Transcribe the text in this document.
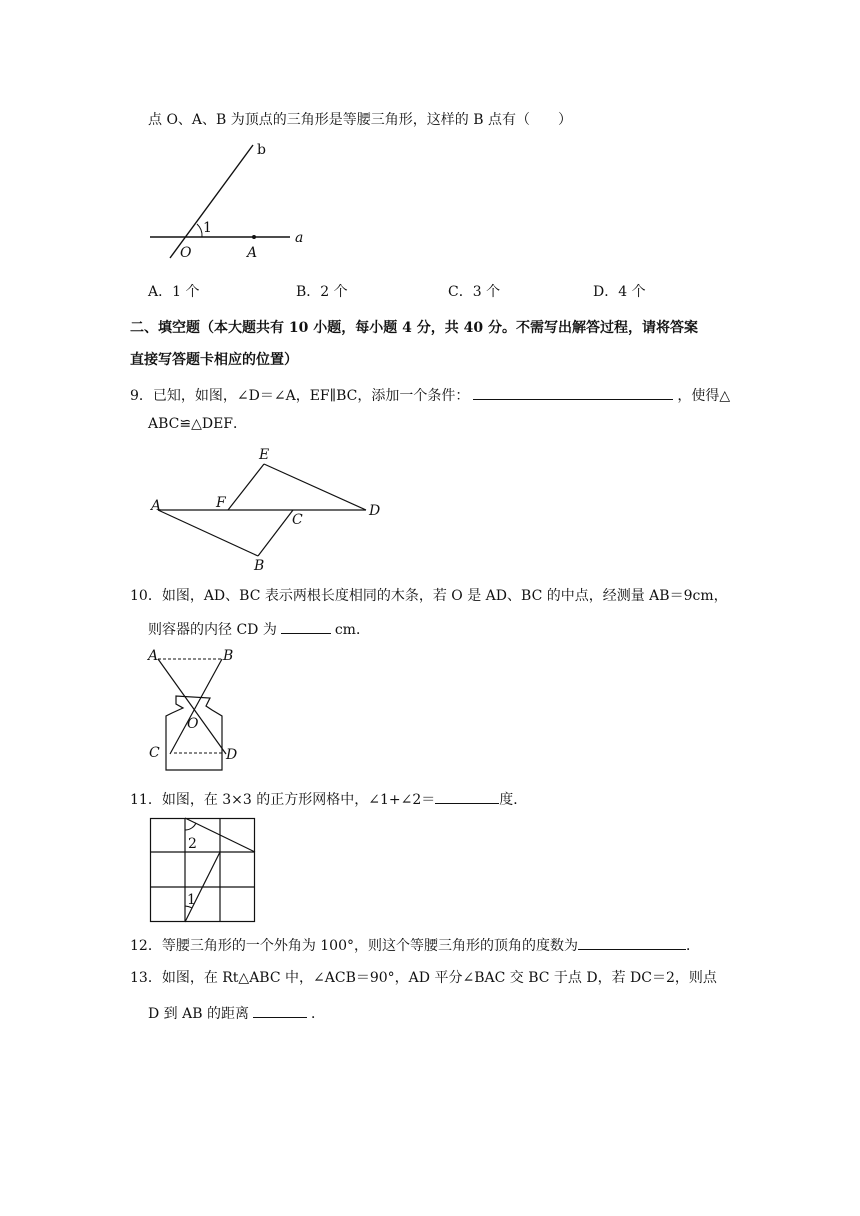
点 O、A、B 为顶点的三角形是等腰三角形，这样的 B 点有（　　）
b
1
O	A
a
A．1 个	B．2 个	C．3 个	D．4 个
二、填空题（本大题共有 10 小题，每小题 4 分，共 40 分。不需写出解答过程，请将答案
直接写答题卡相应的位置）
9．已知，如图，∠D＝∠A，EF∥BC，添加一个条件：	，使得△
ABC≌△DEF．
E
A	F
C
D
B
10．如图，AD、BC 表示两根长度相同的木条，若 O 是 AD、BC 的中点，经测量 AB＝9cm，
则容器的内径 CD 为	cm．
A	B
O
C	D
11．如图，在 3×3 的正方形网格中，∠1+∠2＝	度．
2
1
12．等腰三角形的一个外角为 100°，则这个等腰三角形的顶角的度数为	．
13．如图，在 Rt△ABC 中，∠ACB＝90°，AD 平分∠BAC 交 BC 于点 D，若 DC＝2，则点
D 到 AB 的距离	．
